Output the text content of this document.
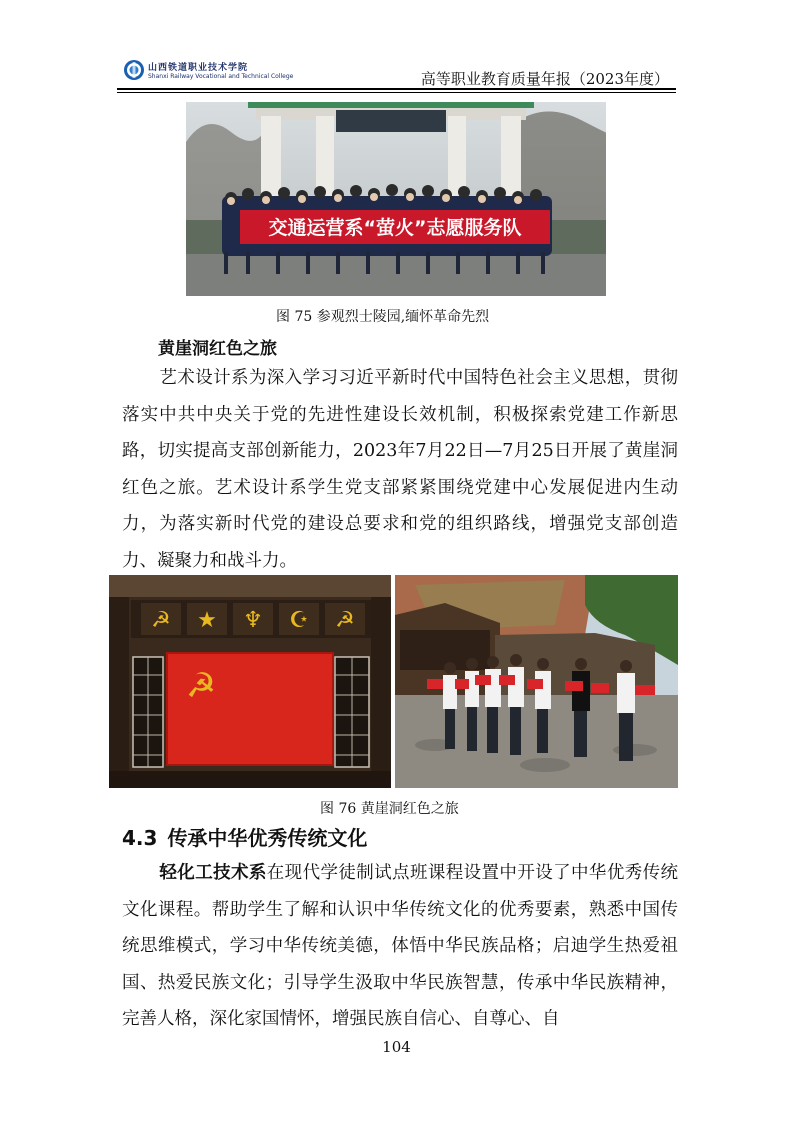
山西铁道职业技术学院
Shanxi Railway Vocational and Technical College	高等职业教育质量年报（2023年度）
交通运营系“萤火”志愿服务队
图 75 参观烈士陵园,缅怀革命先烈
黄崖洞红色之旅

艺术设计系为深入学习习近平新时代中国特色社会主义思想，贯彻落实中共中央关于党的先进性建设长效机制，积极探索党建工作新思路，切实提高支部创新能力，2023年7月22日—7月25日开展了黄崖洞红色之旅。艺术设计系学生党支部紧紧围绕党建中心发展促进内生动力，为落实新时代党的建设总要求和党的组织路线，增强党支部创造力、凝聚力和战斗力。

☭ ★ ♆ ☪ ☭
☭
图 76 黄崖洞红色之旅
4.3 传承中华优秀传统文化

轻化工技术系在现代学徒制试点班课程设置中开设了中华优秀传统文化课程。帮助学生了解和认识中华传统文化的优秀要素，熟悉中国传统思维模式，学习中华传统美德，体悟中华民族品格；启迪学生热爱祖国、热爱民族文化；引导学生汲取中华民族智慧，传承中华民族精神，完善人格，深化家国情怀，增强民族自信心、自尊心、自

104
